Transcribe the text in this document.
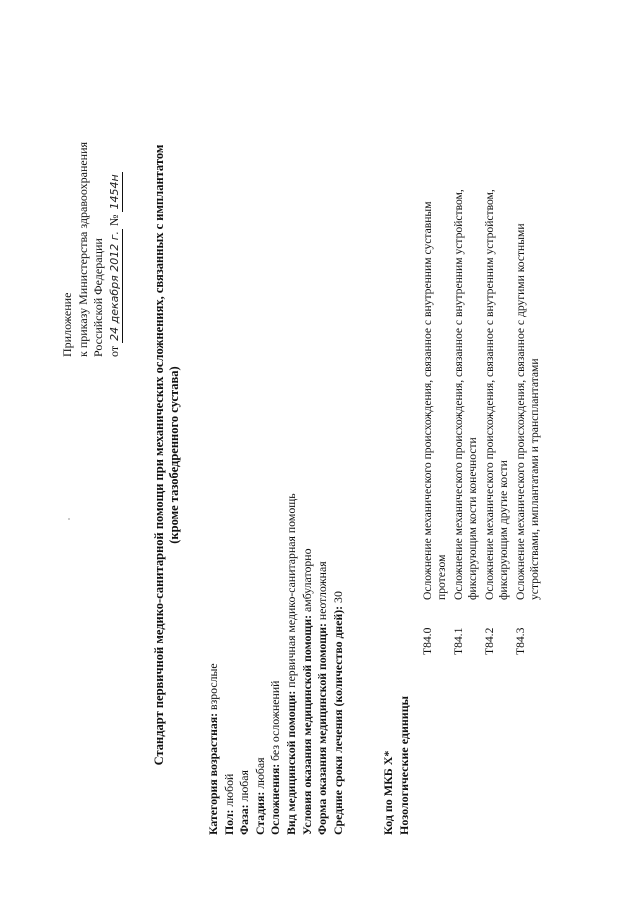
Приложение к приказу Министерства здравоохранения Российской Федерации от 24 декабря 2012 г. № 1454н	Стандарт первичной медико-санитарной помощи при механических осложнениях, связанных с имплантатом (кроме тазобедренного сустава)
Категория возрастная: взрослые
Пол: любой
Фаза: любая
Стадия: любая Осложнения: без осложнений Вид медицинской помощи: первичная медико-санитарная помощь
Условия оказания медицинской помощи: амбулаторно
Форма оказания медицинской помощи: неотложная
Средние сроки лечения (количество дней): 30
Код по МКБ X* Нозологические единицы
T84.0
Осложнение механического происхождения, связанное с внутренним суставным протезом
T84.1
Осложнение механического происхождения, связанное с внутренним устройством, фиксирующим кости конечности
T84.2
Осложнение механического происхождения, связанное с внутренним устройством, фиксирующим другие кости
T84.3
Осложнение механического происхождения, связанное с другими костными устройствами, имплантатами и трансплантатами
